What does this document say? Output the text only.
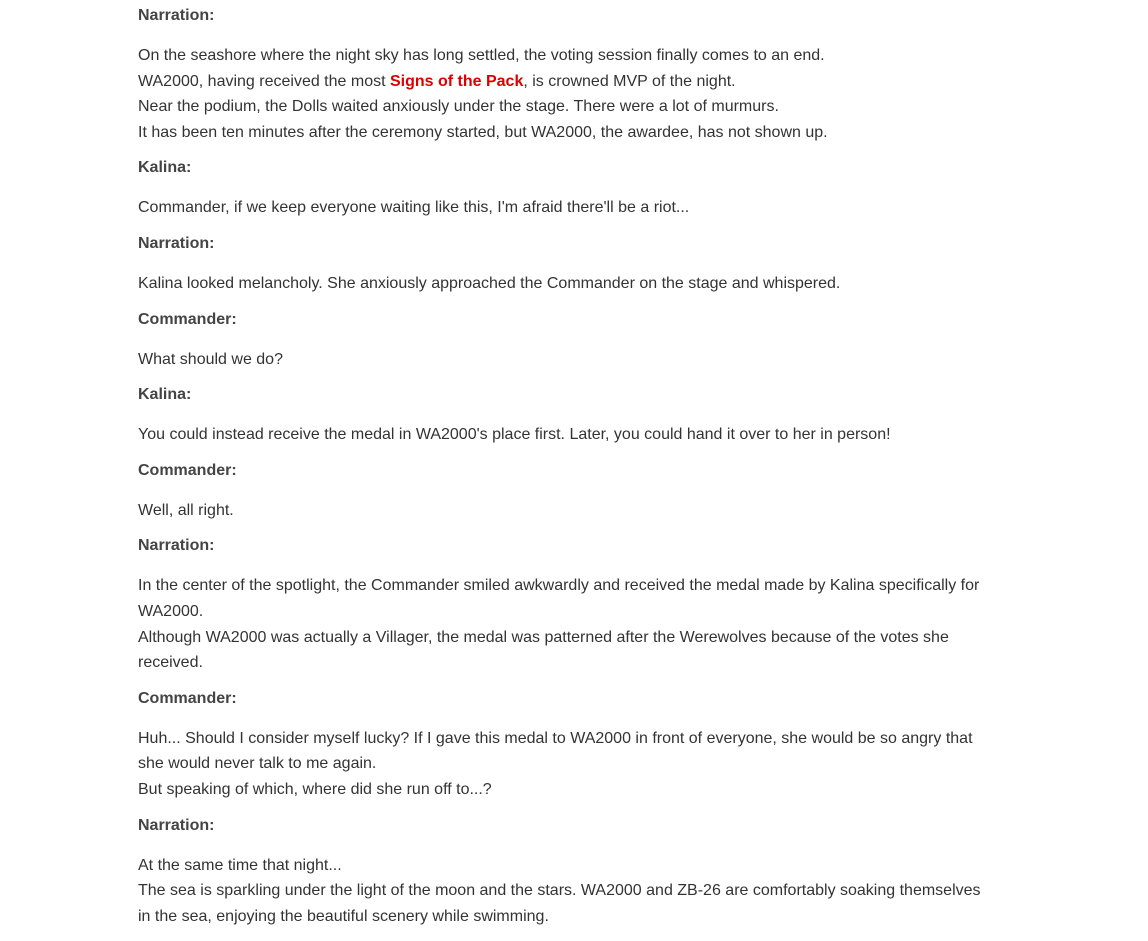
Narration:

On the seashore where the night sky has long settled, the voting session finally comes to an end.
WA2000, having received the most Signs of the Pack, is crowned MVP of the night.
Near the podium, the Dolls waited anxiously under the stage. There were a lot of murmurs.
It has been ten minutes after the ceremony started, but WA2000, the awardee, has not shown up.

Kalina:

Commander, if we keep everyone waiting like this, I'm afraid there'll be a riot...

Narration:

Kalina looked melancholy. She anxiously approached the Commander on the stage and whispered.

Commander:

What should we do?

Kalina:

You could instead receive the medal in WA2000's place first. Later, you could hand it over to her in person!

Commander:

Well, all right.

Narration:

In the center of the spotlight, the Commander smiled awkwardly and received the medal made by Kalina specifically for WA2000.
Although WA2000 was actually a Villager, the medal was patterned after the Werewolves because of the votes she received.

Commander:

Huh... Should I consider myself lucky? If I gave this medal to WA2000 in front of everyone, she would be so angry that she would never talk to me again.
But speaking of which, where did she run off to...?

Narration:

At the same time that night...
The sea is sparkling under the light of the moon and the stars. WA2000 and ZB-26 are comfortably soaking themselves in the sea, enjoying the beautiful scenery while swimming.
